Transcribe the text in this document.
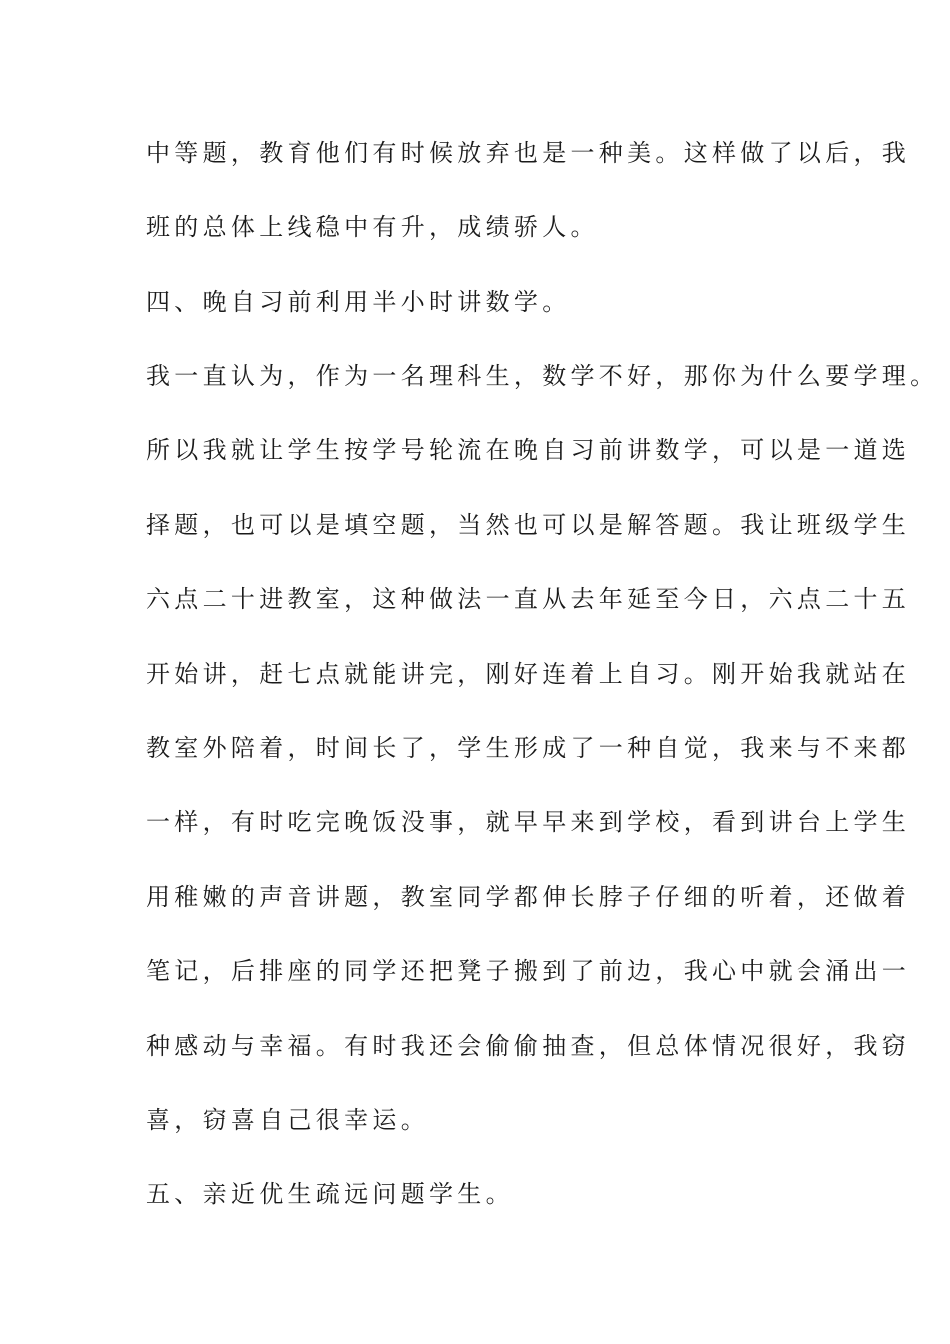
中等题，教育他们有时候放弃也是一种美。这样做了以后，我
班的总体上线稳中有升，成绩骄人。
四、晚自习前利用半小时讲数学。
我一直认为，作为一名理科生，数学不好，那你为什么要学理。
所以我就让学生按学号轮流在晚自习前讲数学，可以是一道选
择题，也可以是填空题，当然也可以是解答题。我让班级学生
六点二十进教室，这种做法一直从去年延至今日，六点二十五
开始讲，赶七点就能讲完，刚好连着上自习。刚开始我就站在
教室外陪着，时间长了，学生形成了一种自觉，我来与不来都
一样，有时吃完晚饭没事，就早早来到学校，看到讲台上学生
用稚嫩的声音讲题，教室同学都伸长脖子仔细的听着，还做着
笔记，后排座的同学还把凳子搬到了前边，我心中就会涌出一
种感动与幸福。有时我还会偷偷抽查，但总体情况很好，我窃
喜，窃喜自己很幸运。
五、亲近优生疏远问题学生。
